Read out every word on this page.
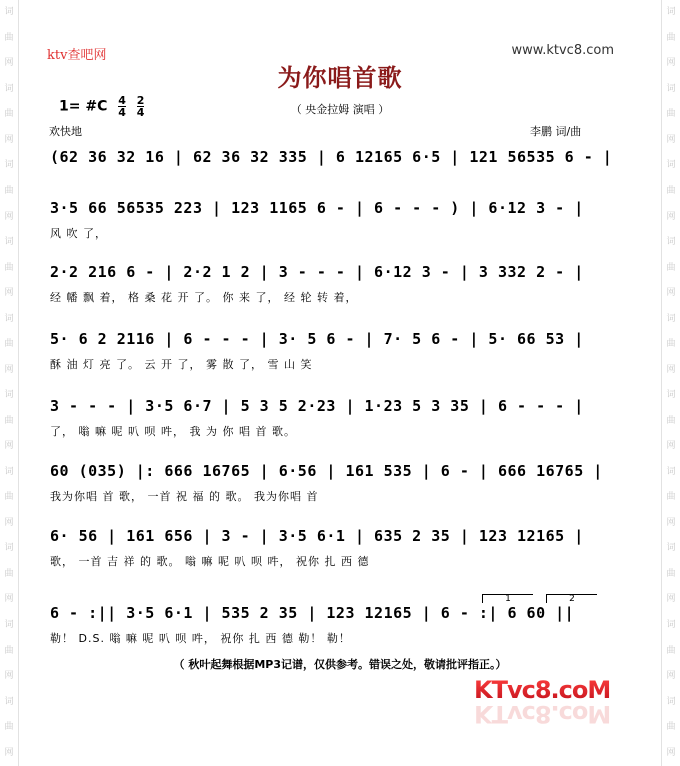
词
曲
网
词
曲
网
词
曲
网
词
曲
网
词
曲
网
词
曲
网
词
曲
网
词
曲
网
词
曲
网
词
曲
网
词
曲
网
词
曲
网
词
曲
网
词
曲
网
词
曲
网
词
曲
网
词
曲
网
词
曲
网
词
曲
网
词
曲
网
ktv查吧网	www.ktvc8.com
为你唱首歌
（ 央金拉姆 演唱 ）
1= #C $\frac{4}{4}$
$\frac{2}{4}$
欢快地	李鹏 词/曲
(62 36 32 16 | 62 36 32 335 | 6 12165 6·5 | 121 56535 6 - |
3·5 66 56535 223 | 123 1165 6 - | 6 - - - ) | 6·12 3 - |
风 吹 了，
2·2 216 6 - | 2·2 1 2 | 3 - - - | 6·12 3 - | 3 332 2 - |
经 幡 飘 着， 格 桑 花 开 了。 你 来 了， 经 轮 转 着，
5· 6 2 2116 | 6 - - - | 3· 5 6 - | 7· 5 6 - | 5· 66 53 |
酥 油 灯 亮 了。 云 开 了， 雾 散 了， 雪 山 笑
3 - - - | 3·5 6·7 | 5 3 5 2·23 | 1·23 5 3 35 | 6 - - - |
了， 嗡 嘛 呢 叭 呗 吽， 我 为 你 唱 首 歌。
60 (035) |: 666 16765 | 6·56 | 161 535 | 6 - | 666 16765 |
我为你唱 首 歌， 一首 祝 福 的 歌。 我为你唱 首
6· 56 | 161 656 | 3 - | 3·5 6·1 | 635 2 35 | 123 12165 |
歌， 一首 吉 祥 的 歌。 嗡 嘛 呢 叭 呗 吽， 祝你 扎 西 德
6 - :|| 3·5 6·1 | 535 2 35 | 123 12165 | 6 - :| 6 60 ||
勒！ D.S. 嗡 嘛 呢 叭 呗 吽， 祝你 扎 西 德 勒！ 勒！
（ 秋叶起舞根据MP3记谱，仅供参考。错误之处，敬请批评指正。）
KTvc8.coM
KTvc8.coM
1	2
